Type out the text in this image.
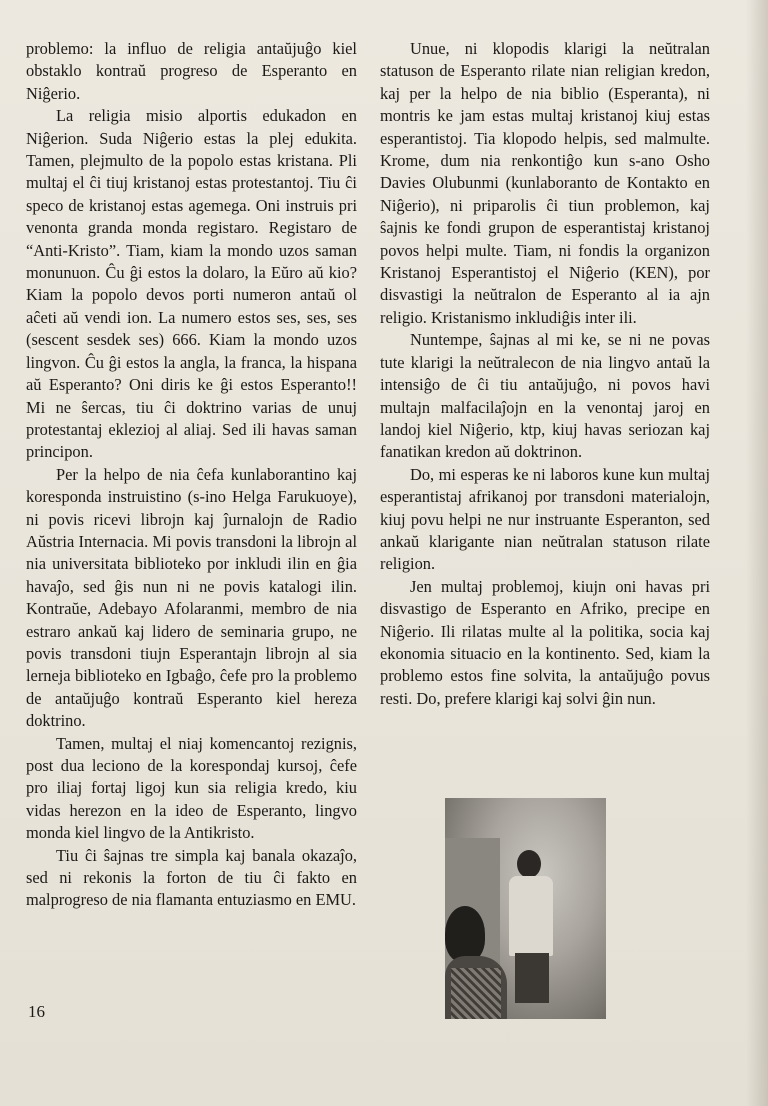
problemo: la influo de religia antaŭjuĝo kiel obstaklo kontraŭ progreso de Esperanto en Niĝerio.

La religia misio alportis edukadon en Niĝerion. Suda Niĝerio estas la plej edukita. Tamen, plejmulto de la popolo estas kristana. Pli multaj el ĉi tiuj kristanoj estas protestantoj. Tiu ĉi speco de kristanoj estas agemega. Oni instruis pri venonta granda monda registaro. Registaro de “Anti-Kristo”. Tiam, kiam la mondo uzos saman monunuon. Ĉu ĝi estos la dolaro, la Eŭro aŭ kio? Kiam la popolo devos porti numeron antaŭ ol aĉeti aŭ vendi ion. La numero estos ses, ses, ses (sescent sesdek ses) 666. Kiam la mondo uzos lingvon. Ĉu ĝi estos la angla, la franca, la hispana aŭ Esperanto? Oni diris ke ĝi estos Esperanto!! Mi ne ŝercas, tiu ĉi doktrino varias de unuj protestantaj eklezioj al aliaj. Sed ili havas saman principon.

Per la helpo de nia ĉefa kunlaborantino kaj koresponda instruistino (s-ino Helga Farukuoye), ni povis ricevi librojn kaj ĵurnalojn de Radio Aŭstria Internacia. Mi povis transdoni la librojn al nia universitata biblioteko por inkludi ilin en ĝia havaĵo, sed ĝis nun ni ne povis katalogi ilin. Kontraŭe, Adebayo Afolaranmi, membro de nia estraro ankaŭ kaj lidero de seminaria grupo, ne povis transdoni tiujn Esperantajn librojn al sia lerneja biblioteko en Igbaĝo, ĉefe pro la problemo de antaŭjuĝo kontraŭ Esperanto kiel hereza doktrino.

Tamen, multaj el niaj komencantoj rezignis, post dua leciono de la korespondaj kursoj, ĉefe pro iliaj fortaj ligoj kun sia religia kredo, kiu vidas herezon en la ideo de Esperanto, lingvo monda kiel lingvo de la Antikristo.

Tiu ĉi ŝajnas tre simpla kaj banala okazaĵo, sed ni rekonis la forton de tiu ĉi fakto en malprogreso de nia flamanta entuziasmo en EMU.

Unue, ni klopodis klarigi la neŭtralan statuson de Esperanto rilate nian religian kredon, kaj per la helpo de nia biblio (Esperanta), ni montris ke jam estas multaj kristanoj kiuj estas esperantistoj. Tia klopodo helpis, sed malmulte. Krome, dum nia renkontiĝo kun s-ano Osho Davies Olubunmi (kunlaboranto de Kontakto en Niĝerio), ni priparolis ĉi tiun problemon, kaj ŝajnis ke fondi grupon de esperantistaj kristanoj povos helpi multe. Tiam, ni fondis la organizon Kristanoj Esperantistoj el Niĝerio (KEN), por disvastigi la neŭtralon de Esperanto al ia ajn religio. Kristanismo inkludiĝis inter ili.

Nuntempe, ŝajnas al mi ke, se ni ne povas tute klarigi la neŭtralecon de nia lingvo antaŭ la intensiĝo de ĉi tiu antaŭjuĝo, ni povos havi multajn malfacilaĵojn en la venontaj jaroj en landoj kiel Niĝerio, ktp, kiuj havas seriozan kaj fanatikan kredon aŭ doktrinon.

Do, mi esperas ke ni laboros kune kun multaj esperantistaj afrikanoj por transdoni materialojn, kiuj povu helpi ne nur instruante Esperanton, sed ankaŭ klarigante nian neŭtralan statuson rilate religion.

Jen multaj problemoj, kiujn oni havas pri disvastigo de Esperanto en Afriko, precipe en Niĝerio. Ili rilatas multe al la politika, socia kaj ekonomia situacio en la kontinento. Sed, kiam la problemo estos fine solvita, la antaŭjuĝo povus resti. Do, prefere klarigi kaj solvi ĝin nun.

16
